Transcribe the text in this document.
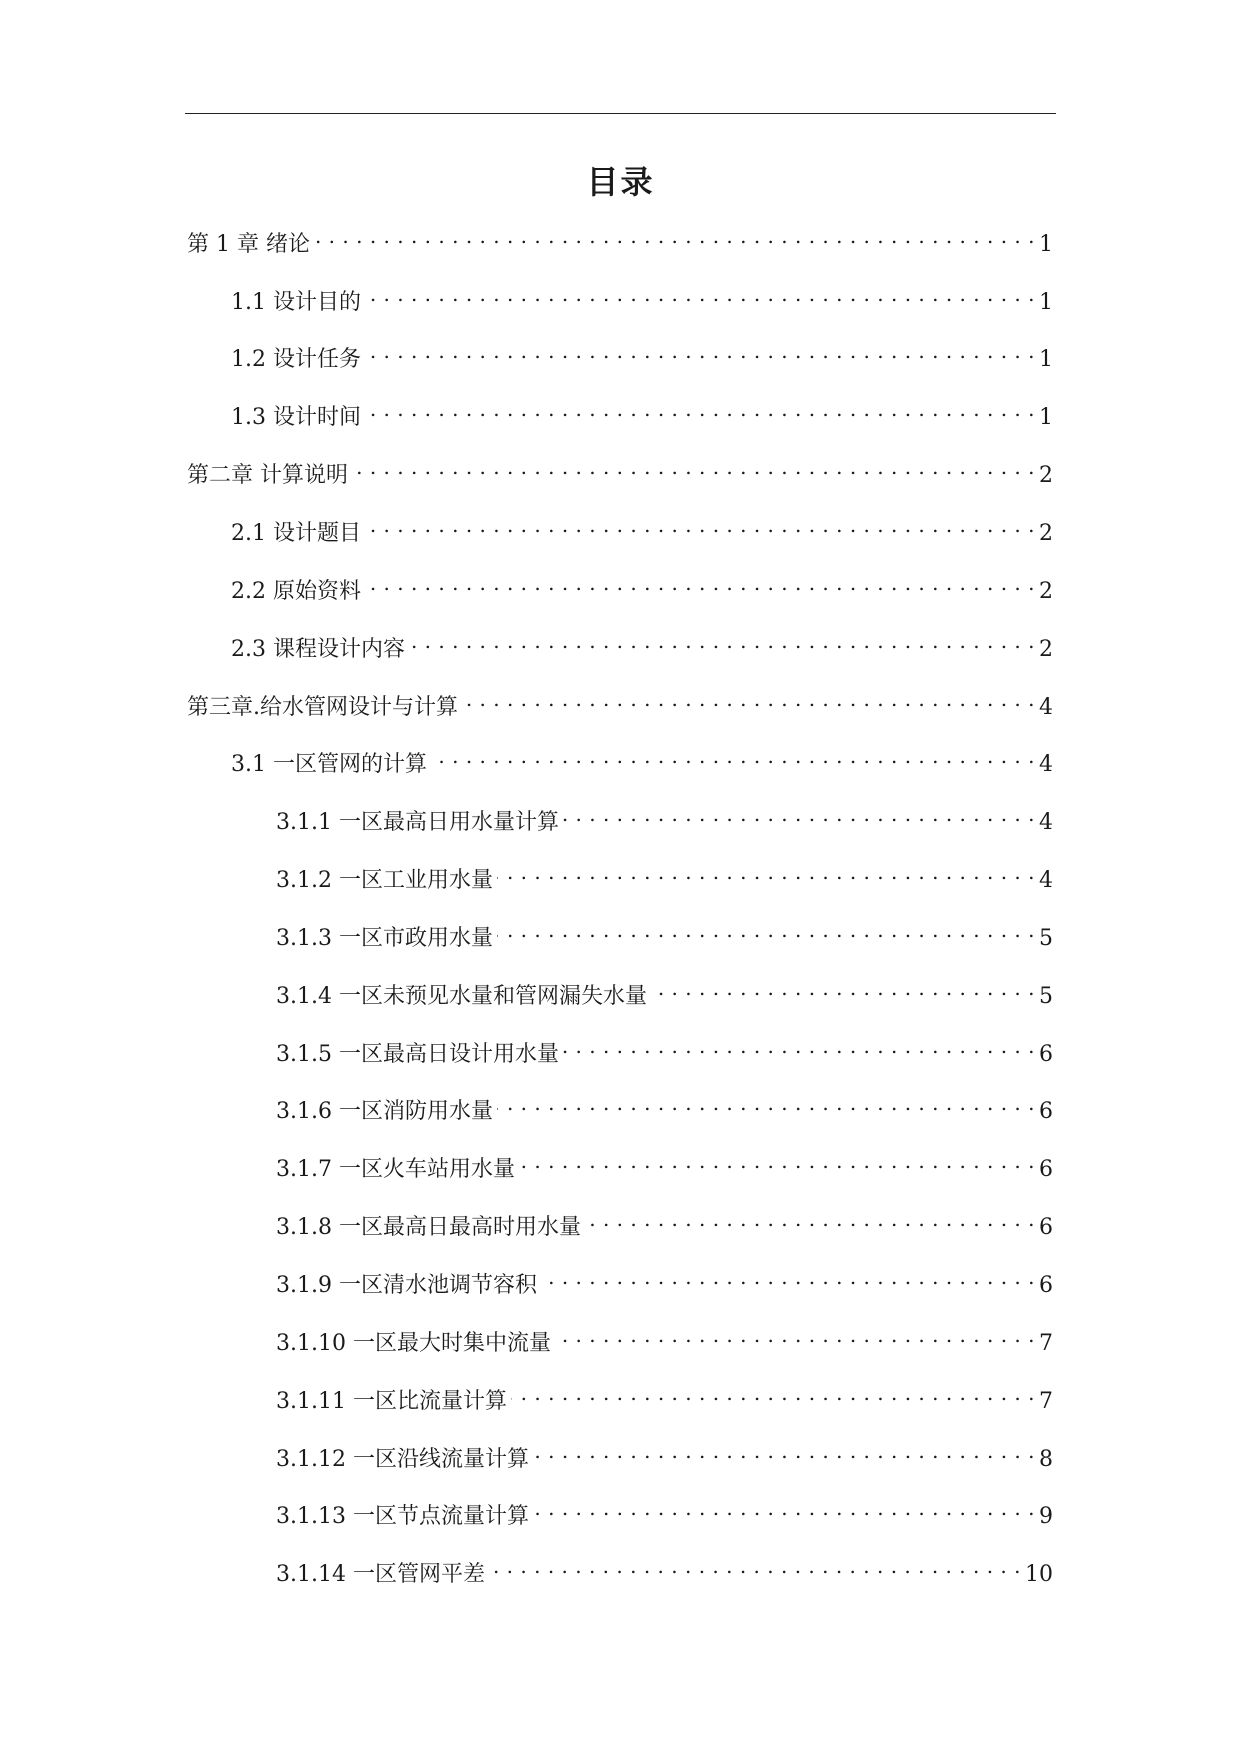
目录
第 1 章 绪论 . . .	1
1.1 设计目的 . . .	1
1.2 设计任务 . . .	1
1.3 设计时间 . . .	1
第二章 计算说明 . . .	2
2.1 设计题目 . . .	2
2.2 原始资料 . . .	2
2.3 课程设计内容 . . .	2
第三章.给水管网设计与计算 . . .	4
3.1 一区管网的计算 . . .	4
3.1.1 一区最高日用水量计算 . . .	4
3.1.2 一区工业用水量 . . .	4
3.1.3 一区市政用水量 . . .	5
3.1.4 一区未预见水量和管网漏失水量 . . .	5
3.1.5 一区最高日设计用水量 . . .	6
3.1.6 一区消防用水量 . . .	6
3.1.7 一区火车站用水量 . . .	6
3.1.8 一区最高日最高时用水量 . . .	6
3.1.9 一区清水池调节容积 . . .	6
3.1.10 一区最大时集中流量 . . .	7
3.1.11 一区比流量计算 . . .	7
3.1.12 一区沿线流量计算 . . .	8
3.1.13 一区节点流量计算 . . .	9
3.1.14 一区管网平差 . . .	10
